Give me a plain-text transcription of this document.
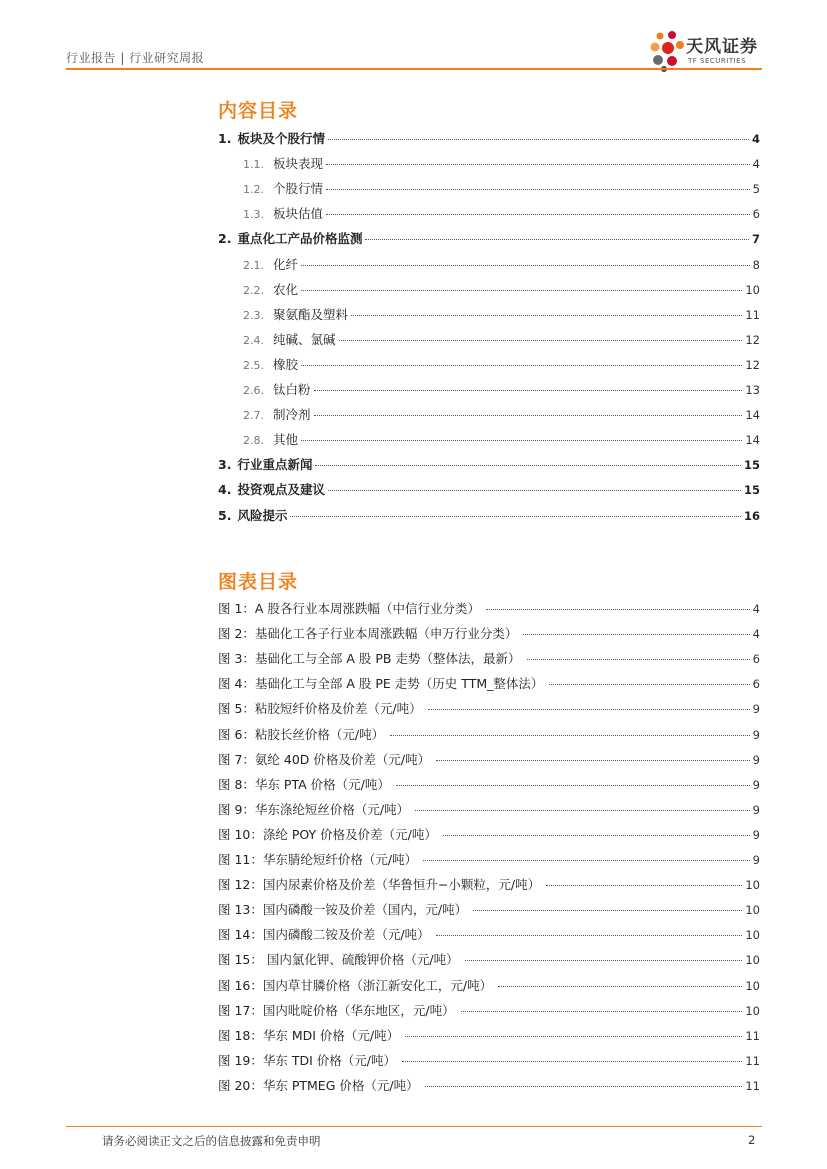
行业报告 | 行业研究周报
天风证券
TF SECURITIES
内容目录
1. 板块及个股行情	4
1.1. 板块表现	4
1.2. 个股行情	5
1.3. 板块估值	6
2. 重点化工产品价格监测	7
2.1. 化纤	8
2.2. 农化	10
2.3. 聚氨酯及塑料	11
2.4. 纯碱、氯碱	12
2.5. 橡胶	12
2.6. 钛白粉	13
2.7. 制冷剂	14
2.8. 其他	14
3. 行业重点新闻	15
4. 投资观点及建议	15
5. 风险提示	16
图表目录
图 1：A 股各行业本周涨跌幅（中信行业分类）	4
图 2：基础化工各子行业本周涨跌幅（申万行业分类）	4
图 3：基础化工与全部 A 股 PB 走势（整体法，最新）	6
图 4：基础化工与全部 A 股 PE 走势（历史 TTM_整体法）	6
图 5：粘胶短纤价格及价差（元/吨）	9
图 6：粘胶长丝价格（元/吨）	9
图 7：氨纶 40D 价格及价差（元/吨）	9
图 8：华东 PTA 价格（元/吨）	9
图 9：华东涤纶短丝价格（元/吨）	9
图 10：涤纶 POY 价格及价差（元/吨）	9
图 11：华东腈纶短纤价格（元/吨）	9
图 12：国内尿素价格及价差（华鲁恒升−小颗粒，元/吨）	10
图 13：国内磷酸一铵及价差（国内，元/吨）	10
图 14：国内磷酸二铵及价差（元/吨）	10
图 15： 国内氯化钾、硫酸钾价格（元/吨）	10
图 16：国内草甘膦价格（浙江新安化工，元/吨）	10
图 17：国内吡啶价格（华东地区，元/吨）	10
图 18：华东 MDI 价格（元/吨）	11
图 19：华东 TDI 价格（元/吨）	11
图 20：华东 PTMEG 价格（元/吨）	11
请务必阅读正文之后的信息披露和免责申明	2
